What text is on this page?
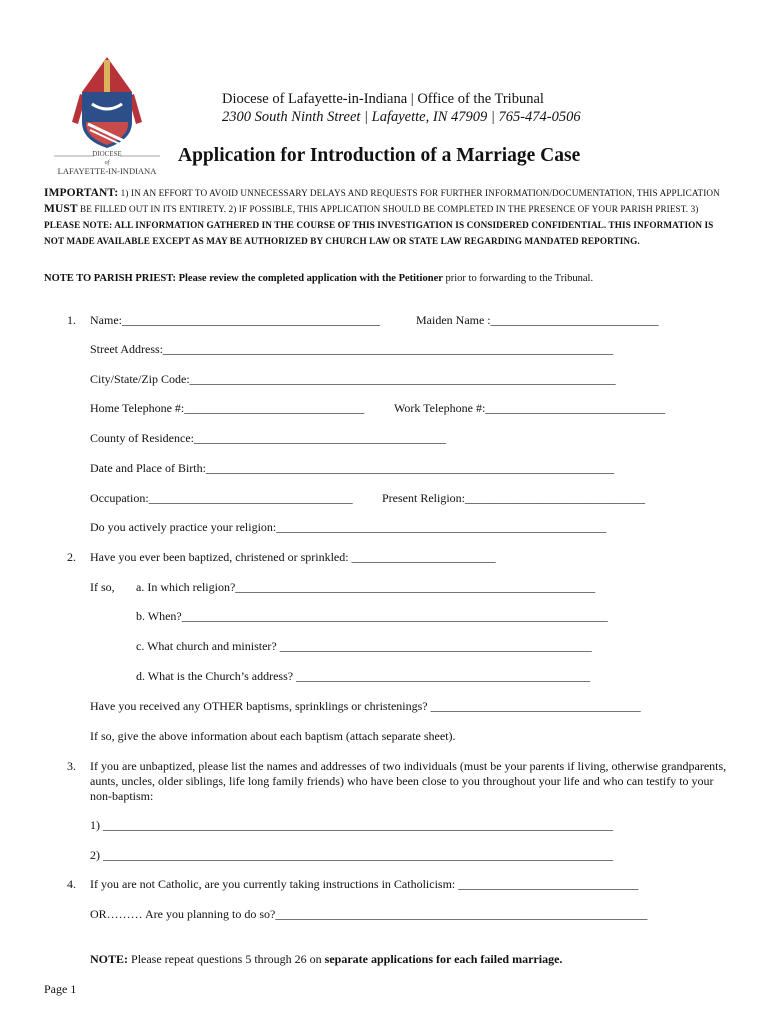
DIOCESE
of
LAFAYETTE-IN-INDIANA
Diocese of Lafayette-in-Indiana | Office of the Tribunal
2300 South Ninth Street | Lafayette, IN 47909 | 765-474-0506
Application for Introduction of a Marriage Case
IMPORTANT: 1) IN AN EFFORT TO AVOID UNNECESSARY DELAYS AND REQUESTS FOR FURTHER INFORMATION/DOCUMENTATION, THIS APPLICATION MUST BE FILLED OUT IN ITS ENTIRETY. 2) IF POSSIBLE, THIS APPLICATION SHOULD BE COMPLETED IN THE PRESENCE OF YOUR PARISH PRIEST. 3) PLEASE NOTE: ALL INFORMATION GATHERED IN THE COURSE OF THIS INVESTIGATION IS CONSIDERED CONFIDENTIAL. THIS INFORMATION IS NOT MADE AVAILABLE EXCEPT AS MAY BE AUTHORIZED BY CHURCH LAW OR STATE LAW REGARDING MANDATED REPORTING.
NOTE TO PARISH PRIEST: Please review the completed application with the Petitioner prior to forwarding to the Tribunal.
1. Name:___________________________________________	Maiden Name :____________________________
Street Address:___________________________________________________________________________
City/State/Zip Code:_______________________________________________________________________
Home Telephone #:______________________________ Work Telephone #:______________________________
County of Residence:__________________________________________
Date and Place of Birth:____________________________________________________________________
Occupation:__________________________________ Present Religion:______________________________
Do you actively practice your religion:_______________________________________________________
2. Have you ever been baptized, christened or sprinkled: ________________________
If so, a. In which religion?____________________________________________________________
b. When?_______________________________________________________________________
c. What church and minister? ____________________________________________________
d. What is the Church’s address? _________________________________________________
Have you received any OTHER baptisms, sprinklings or christenings? ___________________________________
If so, give the above information about each baptism (attach separate sheet).
3. If you are unbaptized, please list the names and addresses of two individuals (must be your parents if living, otherwise grandparents, aunts, uncles, older siblings, life long family friends) who have been close to you throughout your life and who can testify to your non-baptism:
1) _____________________________________________________________________________________
2) _____________________________________________________________________________________
4. If you are not Catholic, are you currently taking instructions in Catholicism: ______________________________
OR……… Are you planning to do so?______________________________________________________________
NOTE: Please repeat questions 5 through 26 on separate applications for each failed marriage.
Page 1
